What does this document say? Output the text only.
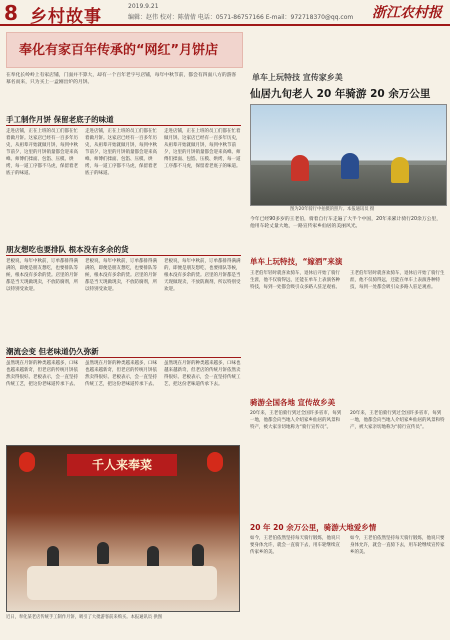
8 乡村故事
2019.9.21
编辑：赵伟 校对：陈倩倩 电话：0571-86757166 E-mail：972718370@qq.com 浙江农村报
奉化有家百年传承的“网红”月饼店
在奉化长岭岭上有家店铺，门面并不算大，却有一个百年老字号店铺，每年中秋节前，都会有四面八方的游客慕名而来，只为买上一盒刚出炉的月饼。
手工制作月饼 保留老底子的味道
走进店铺，正在上班的员工们都在忙着做月饼。这家店已经有一百多年历史，从祖辈开始就做月饼，每到中秋节前夕，这里的月饼销量都会迎来高峰。师傅们揉面、包馅、压模、烘烤，每一道工序都不马虎，保留着老底子的味道。
走进店铺，正在上班的员工们都在忙着做月饼。这家店已经有一百多年历史，从祖辈开始就做月饼，每到中秋节前夕，这里的月饼销量都会迎来高峰。师傅们揉面、包馅、压模、烘烤，每一道工序都不马虎，保留着老底子的味道。
走进店铺，正在上班的员工们都在忙着做月饼。这家店已经有一百多年历史，从祖辈开始就做月饼，每到中秋节前夕，这里的月饼销量都会迎来高峰。师傅们揉面、包馅、压模、烘烤，每一道工序都不马虎，保留着老底子的味道。
朋友想吃也要排队 根本没有多余的货
老板说，每年中秋前，订单都排得满满的，即便是朋友想吃，也要排队等候，根本没有多余的货。店里的月饼都是当天现做现卖，不放防腐剂，所以特别受欢迎。
老板说，每年中秋前，订单都排得满满的，即便是朋友想吃，也要排队等候，根本没有多余的货。店里的月饼都是当天现做现卖，不放防腐剂，所以特别受欢迎。
老板说，每年中秋前，订单都排得满满的，即便是朋友想吃，也要排队等候，根本没有多余的货。店里的月饼都是当天现做现卖，不放防腐剂，所以特别受欢迎。
潮流会变 但老味道仍久弥新
虽然现在月饼的种类越来越多，口味也越来越新奇，但老店的传统月饼依然卖得很好。老板表示，会一直坚持传统工艺，把这份老味道传承下去。
虽然现在月饼的种类越来越多，口味也越来越新奇，但老店的传统月饼依然卖得很好。老板表示，会一直坚持传统工艺，把这份老味道传承下去。
虽然现在月饼的种类越来越多，口味也越来越新奇，但老店的传统月饼依然卖得很好。老板表示，会一直坚持传统工艺，把这份老味道传承下去。
千人来奉菜
单车上玩特技 宣传家乡美
仙居九旬老人 20 年骑游 20 余万公里
图为20年骑行中拍摄的照片。本报通讯员 摄
今年已经90多岁的王老伯，骑着自行车走遍了大半个中国，20年来累计骑行20余万公里，他用车轮丈量大地，一路宣传家乡仙居的美丽风光。
单车上玩特技，“嫁酒”来演
王老伯年轻时就喜欢骑车，退休后开始了骑行生涯，他不仅骑得远，还能在单车上表演各种特技，每到一处都会吸引众多路人驻足观看。
王老伯年轻时就喜欢骑车，退休后开始了骑行生涯，他不仅骑得远，还能在单车上表演各种特技，每到一处都会吸引众多路人驻足观看。
骑游全国各地 宣传故乡美
20年来，王老伯骑行到过全国许多省市，每到一地，他都会向当地人介绍家乡仙居的风景和特产，被大家亲切地称为“骑行宣传员”。
20年来，王老伯骑行到过全国许多省市，每到一地，他都会向当地人介绍家乡仙居的风景和特产，被大家亲切地称为“骑行宣传员”。
20 年 20 余万公里，骑游大地爱乡情
如今，王老伯依然坚持每天骑行锻炼，他说只要身体允许，就会一直骑下去，用车轮继续宣传家乡的美。
如今，王老伯依然坚持每天骑行锻炼，他说只要身体允许，就会一直骑下去，用车轮继续宣传家乡的美。
近日，奉化某老店传统手工制作月饼，吸引了大批游客前来购买。本报通讯员 供图
